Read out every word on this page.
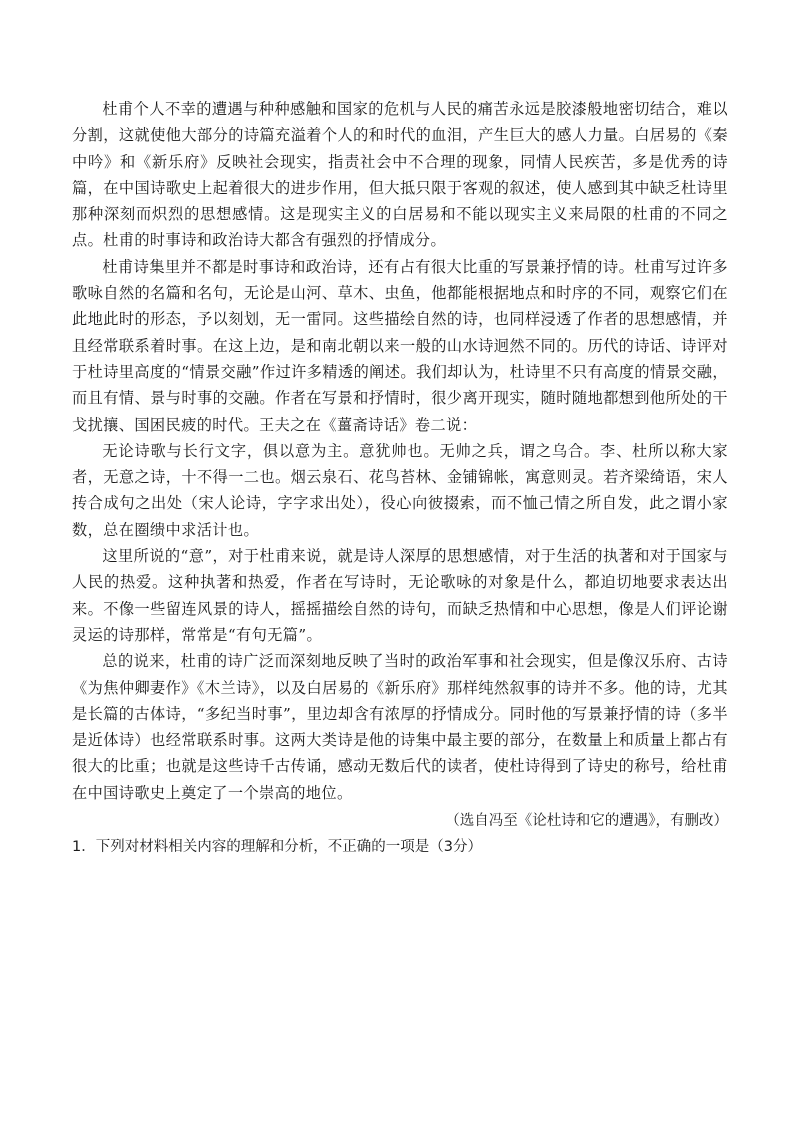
杜甫个人不幸的遭遇与种种感触和国家的危机与人民的痛苦永远是胶漆般地密切结合，难以分割，这就使他大部分的诗篇充溢着个人的和时代的血泪，产生巨大的感人力量。白居易的《秦中吟》和《新乐府》反映社会现实，指责社会中不合理的现象，同情人民疾苦，多是优秀的诗篇，在中国诗歌史上起着很大的进步作用，但大抵只限于客观的叙述，使人感到其中缺乏杜诗里那种深刻而炽烈的思想感情。这是现实主义的白居易和不能以现实主义来局限的杜甫的不同之点。杜甫的时事诗和政治诗大都含有强烈的抒情成分。

杜甫诗集里并不都是时事诗和政治诗，还有占有很大比重的写景兼抒情的诗。杜甫写过许多歌咏自然的名篇和名句，无论是山河、草木、虫鱼，他都能根据地点和时序的不同，观察它们在此地此时的形态，予以刻划，无一雷同。这些描绘自然的诗，也同样浸透了作者的思想感情，并且经常联系着时事。在这上边，是和南北朝以来一般的山水诗迥然不同的。历代的诗话、诗评对于杜诗里高度的“情景交融”作过许多精透的阐述。我们却认为，杜诗里不只有高度的情景交融，而且有情、景与时事的交融。作者在写景和抒情时，很少离开现实，随时随地都想到他所处的干戈扰攘、国困民疲的时代。王夫之在《薑斋诗话》卷二说：

无论诗歌与长行文字，俱以意为主。意犹帅也。无帅之兵，谓之乌合。李、杜所以称大家者，无意之诗，十不得一二也。烟云泉石、花鸟苔林、金铺锦帐，寓意则灵。若齐梁绮语，宋人抟合成句之出处（宋人论诗，字字求出处），役心向彼掇索，而不恤己情之所自发，此之谓小家数，总在圈缋中求活计也。

这里所说的“意”，对于杜甫来说，就是诗人深厚的思想感情，对于生活的执著和对于国家与人民的热爱。这种执著和热爱，作者在写诗时，无论歌咏的对象是什么，都迫切地要求表达出来。不像一些留连风景的诗人，摇摇描绘自然的诗句，而缺乏热情和中心思想，像是人们评论谢灵运的诗那样，常常是“有句无篇”。

总的说来，杜甫的诗广泛而深刻地反映了当时的政治军事和社会现实，但是像汉乐府、古诗《为焦仲卿妻作》《木兰诗》，以及白居易的《新乐府》那样纯然叙事的诗并不多。他的诗，尤其是长篇的古体诗，“多纪当时事”，里边却含有浓厚的抒情成分。同时他的写景兼抒情的诗（多半是近体诗）也经常联系时事。这两大类诗是他的诗集中最主要的部分，在数量上和质量上都占有很大的比重；也就是这些诗千古传诵，感动无数后代的读者，使杜诗得到了诗史的称号，给杜甫在中国诗歌史上奠定了一个崇高的地位。

（选自冯至《论杜诗和它的遭遇》，有删改）

1．下列对材料相关内容的理解和分析，不正确的一项是（3分）
